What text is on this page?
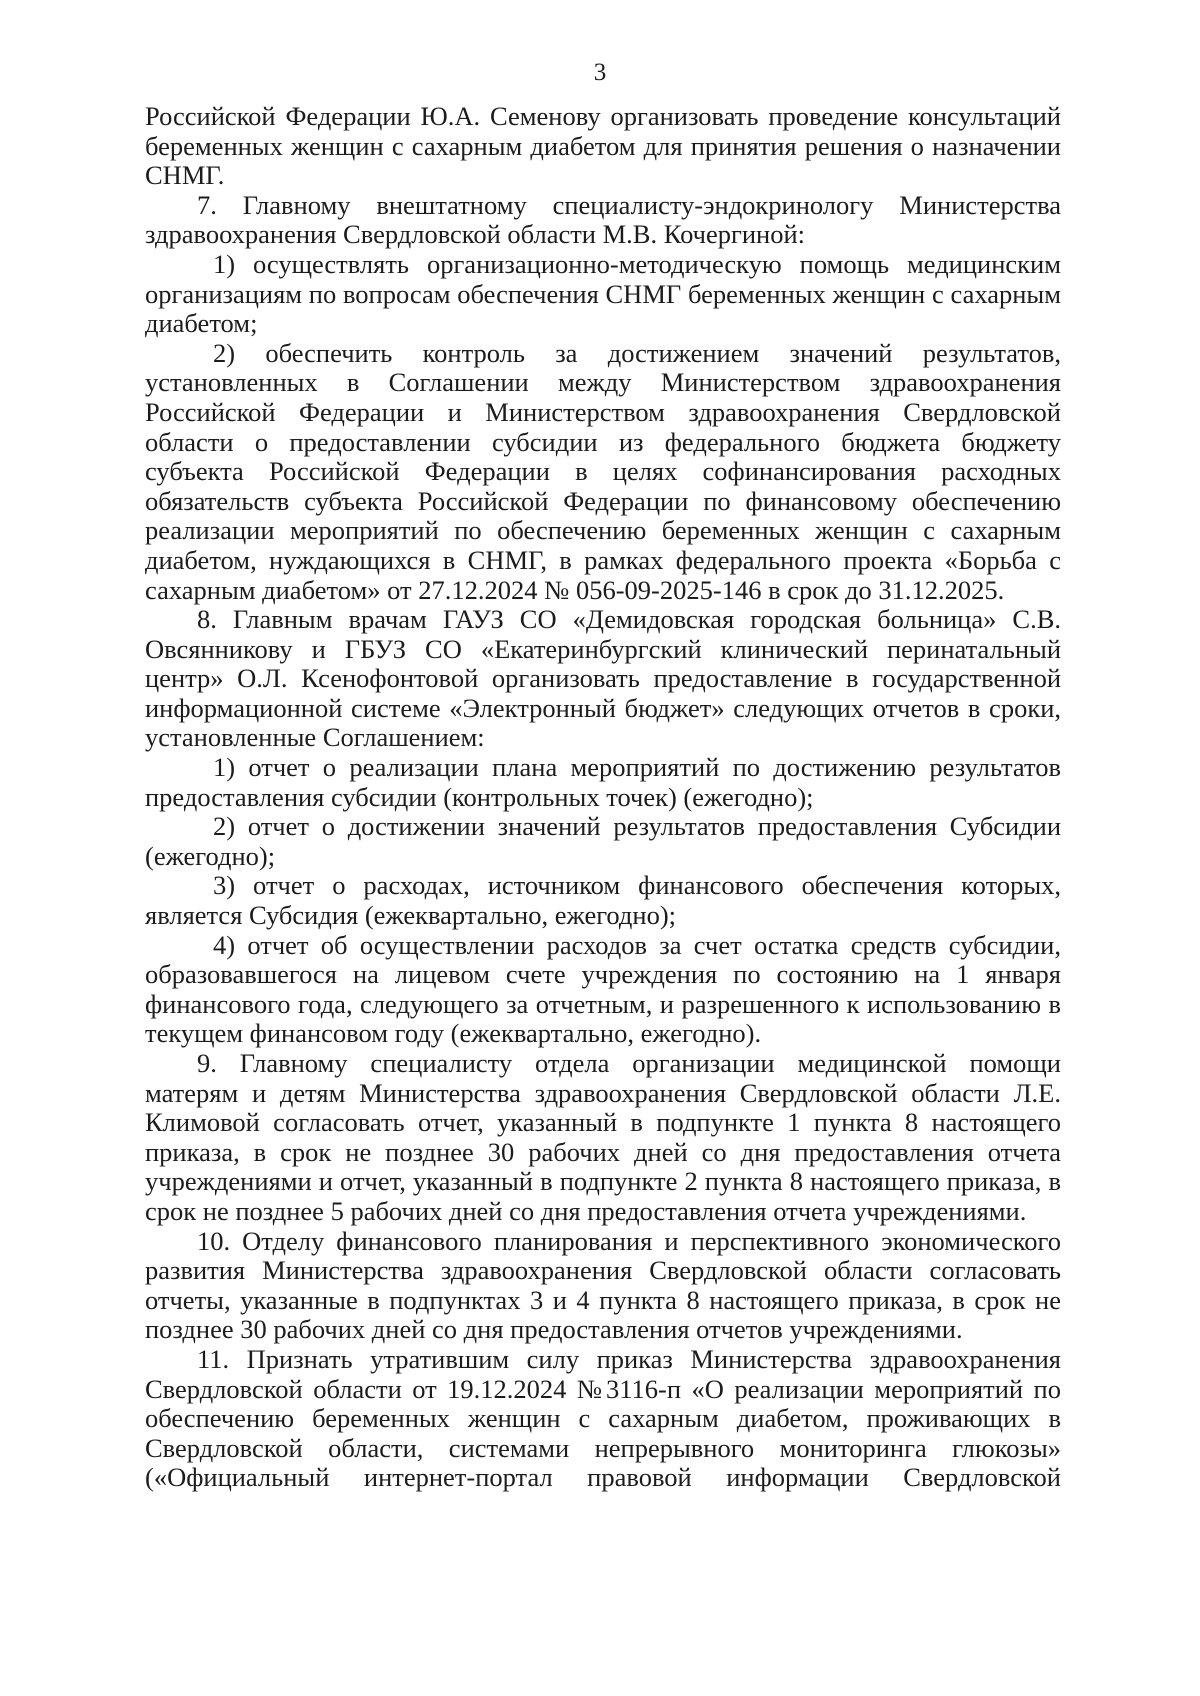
3

Российской Федерации Ю.А. Семенову организовать проведение консультаций беременных женщин с сахарным диабетом для принятия решения о назначении СНМГ.

7. Главному внештатному специалисту-эндокринологу Министерства здравоохранения Свердловской области М.В. Кочергиной:

1) осуществлять организационно-методическую помощь медицинским организациям по вопросам обеспечения СНМГ беременных женщин с сахарным диабетом;

2) обеспечить контроль за достижением значений результатов, установленных в Соглашении между Министерством здравоохранения Российской Федерации и Министерством здравоохранения Свердловской области о предоставлении субсидии из федерального бюджета бюджету субъекта Российской Федерации в целях софинансирования расходных обязательств субъекта Российской Федерации по финансовому обеспечению реализации мероприятий по обеспечению беременных женщин с сахарным диабетом, нуждающихся в СНМГ, в рамках федерального проекта «Борьба с сахарным диабетом» от 27.12.2024 № 056-09-2025-146 в срок до 31.12.2025.

8. Главным врачам ГАУЗ СО «Демидовская городская больница» С.В. Овсянникову и ГБУЗ СО «Екатеринбургский клинический перинатальный центр» О.Л. Ксенофонтовой организовать предоставление в государственной информационной системе «Электронный бюджет» следующих отчетов в сроки, установленные Соглашением:

1) отчет о реализации плана мероприятий по достижению результатов предоставления субсидии (контрольных точек) (ежегодно);

2) отчет о достижении значений результатов предоставления Субсидии (ежегодно);

3) отчет о расходах, источником финансового обеспечения которых, является Субсидия (ежеквартально, ежегодно);

4) отчет об осуществлении расходов за счет остатка средств субсидии, образовавшегося на лицевом счете учреждения по состоянию на 1 января финансового года, следующего за отчетным, и разрешенного к использованию в текущем финансовом году (ежеквартально, ежегодно).

9. Главному специалисту отдела организации медицинской помощи матерям и детям Министерства здравоохранения Свердловской области Л.Е. Климовой согласовать отчет, указанный в подпункте 1 пункта 8 настоящего приказа, в срок не позднее 30 рабочих дней со дня предоставления отчета учреждениями и отчет, указанный в подпункте 2 пункта 8 настоящего приказа, в срок не позднее 5 рабочих дней со дня предоставления отчета учреждениями.

10. Отделу финансового планирования и перспективного экономического развития Министерства здравоохранения Свердловской области согласовать отчеты, указанные в подпунктах 3 и 4 пункта 8 настоящего приказа, в срок не позднее 30 рабочих дней со дня предоставления отчетов учреждениями.

11. Признать утратившим силу приказ Министерства здравоохранения Свердловской области от 19.12.2024 №3116-п «О реализации мероприятий по обеспечению беременных женщин с сахарным диабетом, проживающих в Свердловской области, системами непрерывного мониторинга глюкозы» («Официальный интернет-портал правовой информации Свердловской
